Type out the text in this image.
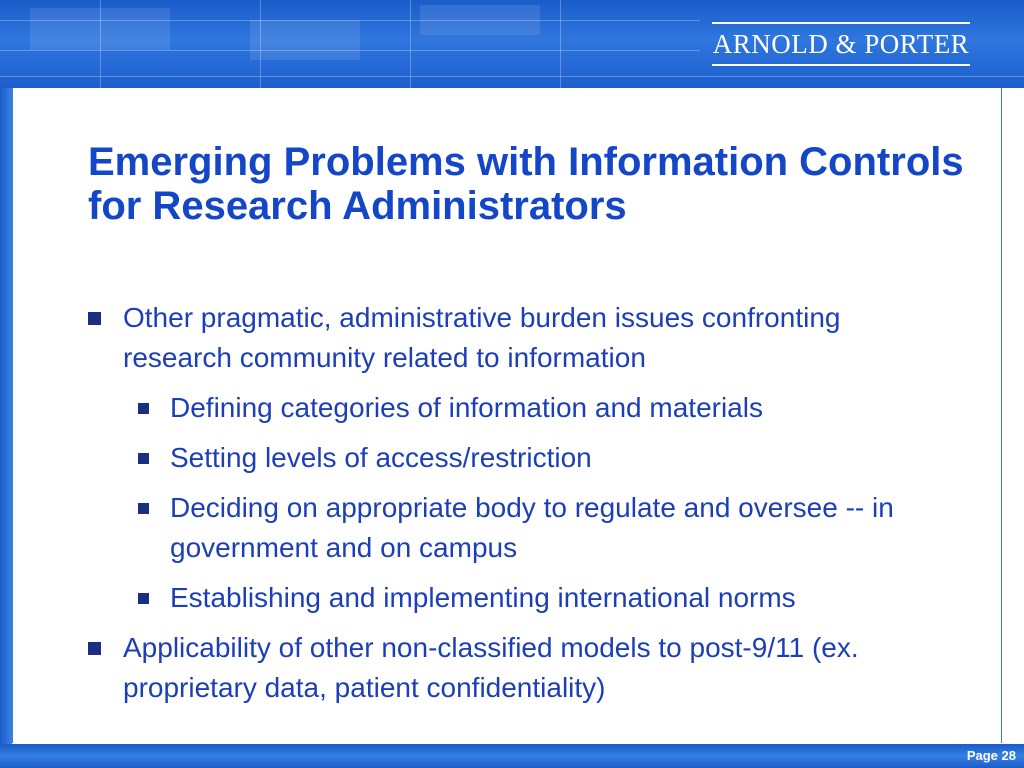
ARNOLD & PORTER
Emerging Problems with Information Controls for Research Administrators
Other pragmatic, administrative burden issues confronting research community related to information
Defining categories of information and materials
Setting levels of access/restriction
Deciding on appropriate body to regulate and oversee -- in government and on campus
Establishing and implementing international norms
Applicability of other non-classified models to post-9/11 (ex. proprietary data, patient confidentiality)
Page 28
